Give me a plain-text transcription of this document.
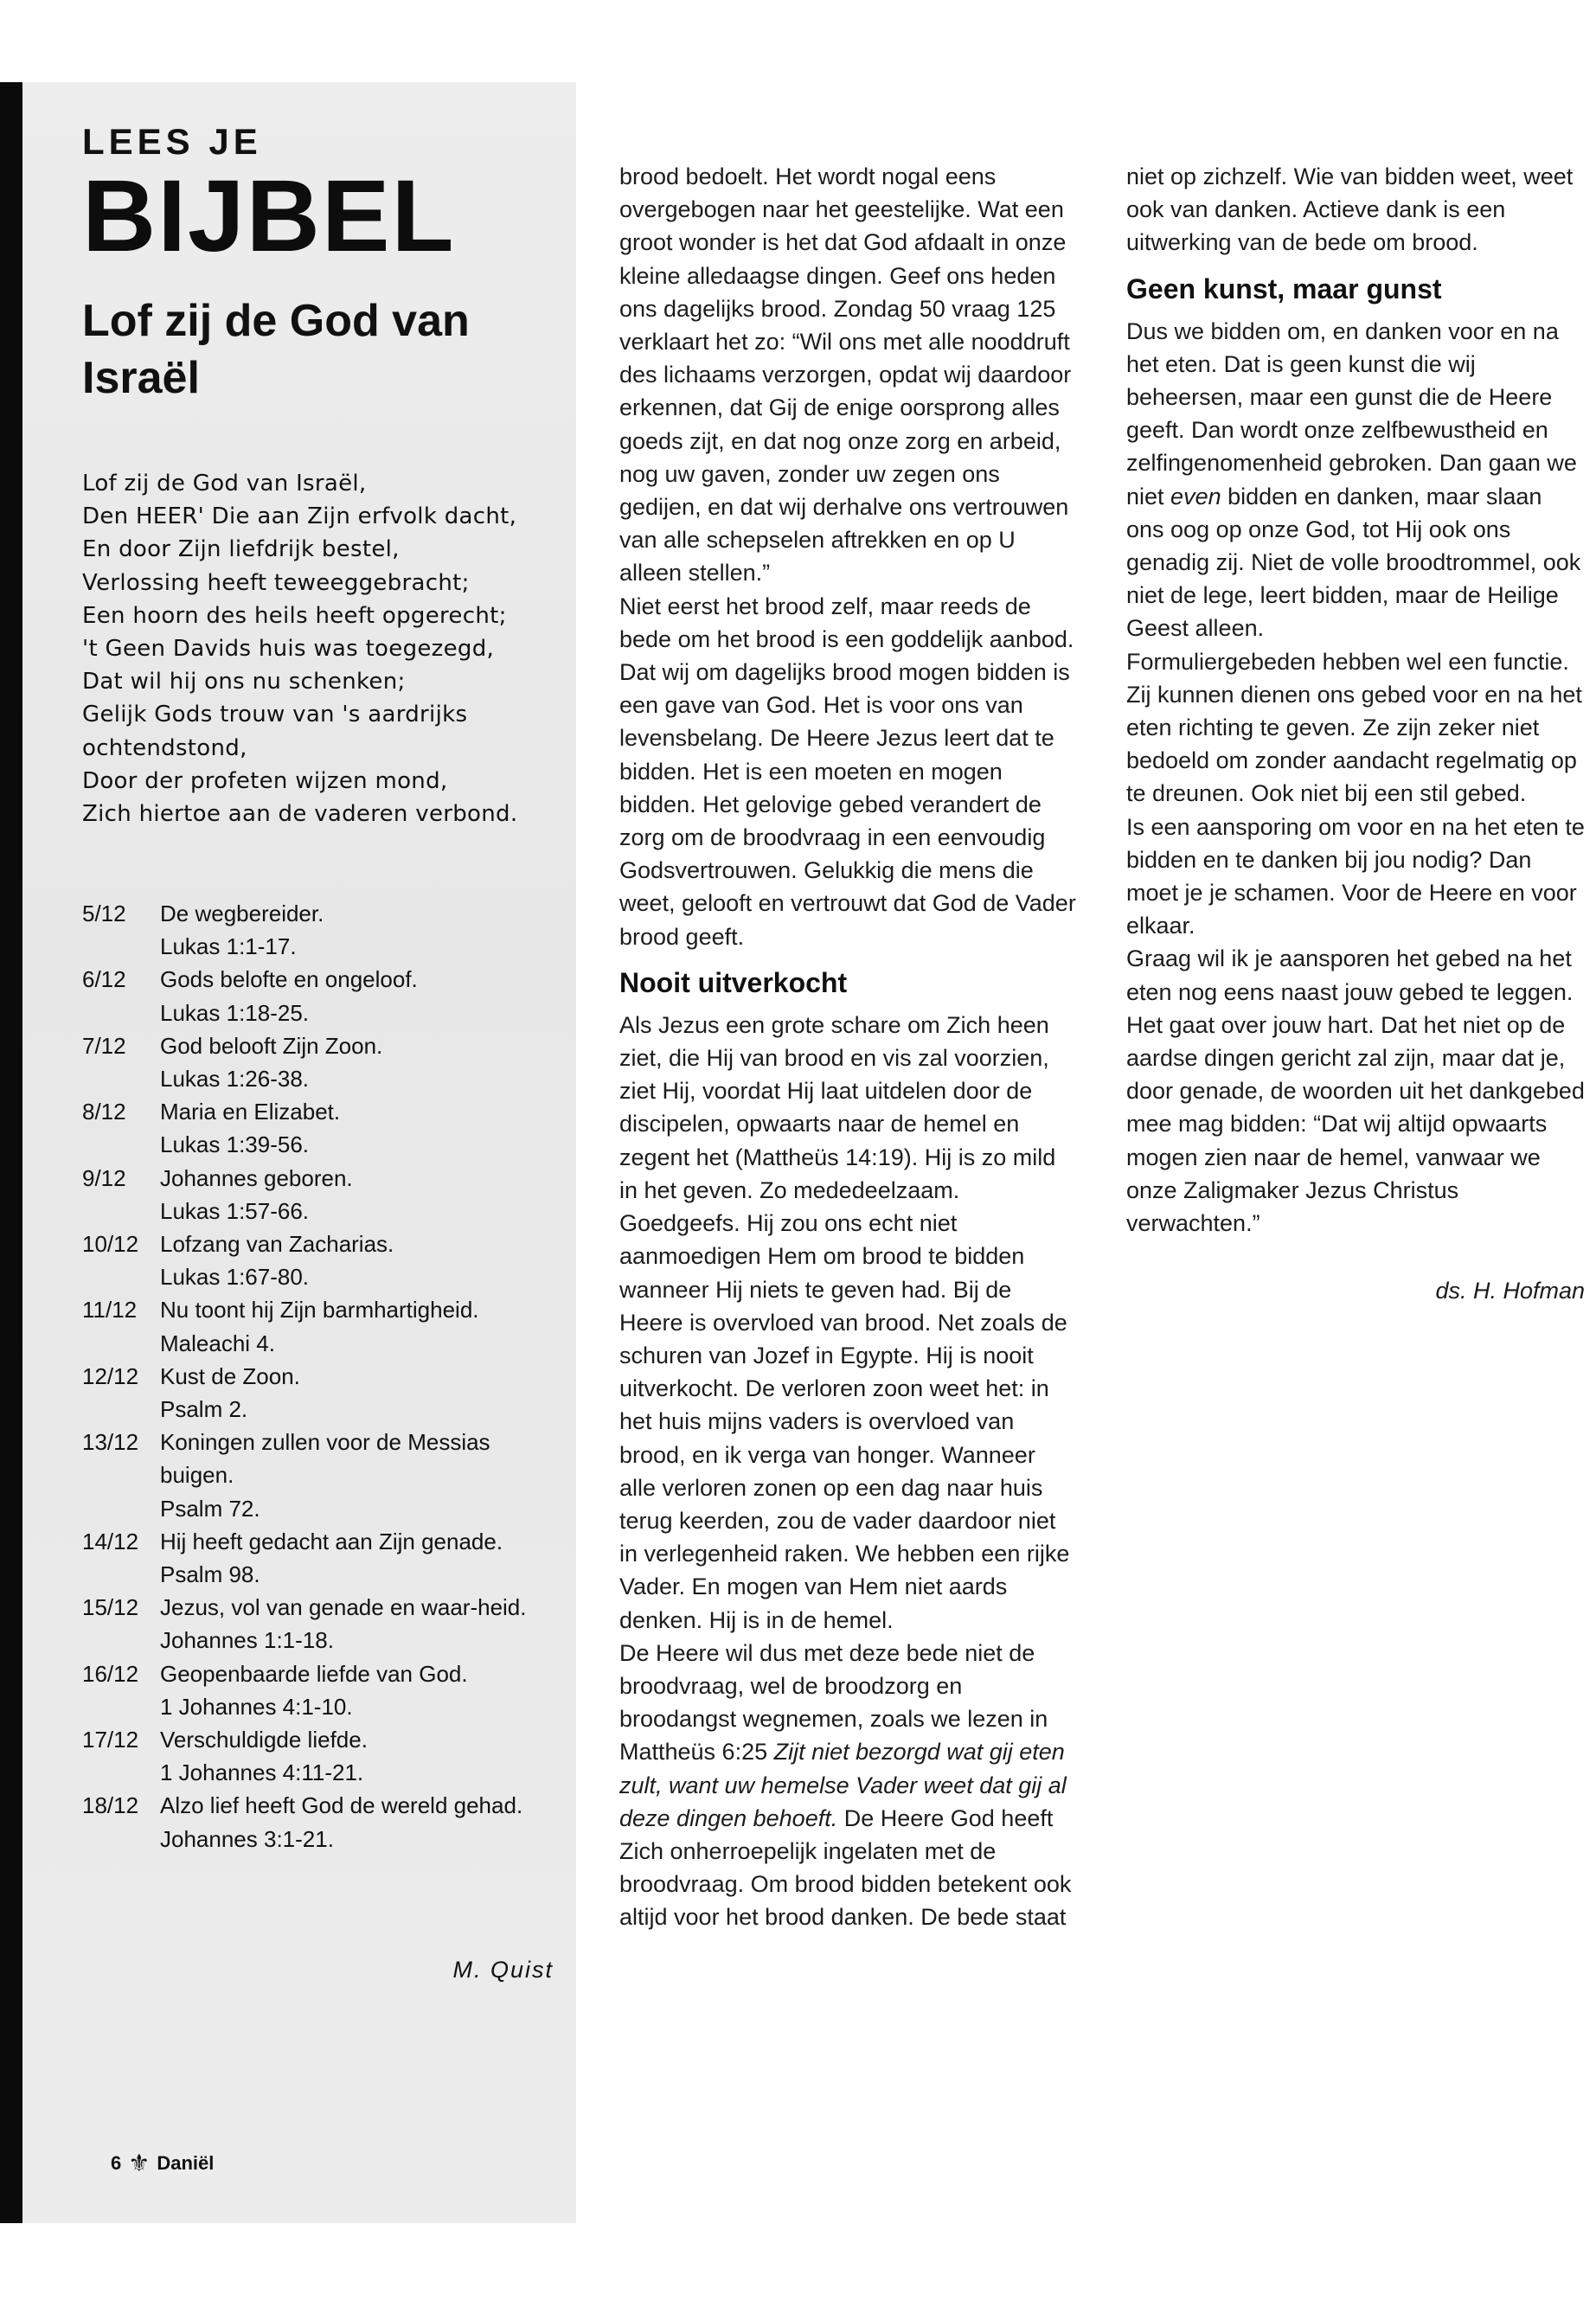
LEES JE
BIJBEL
Lof zij de God van Israël
Lof zij de God van Israël,
Den HEER' Die aan Zijn erfvolk dacht,
En door Zijn liefdrijk bestel,
Verlossing heeft teweeggebracht;
Een hoorn des heils heeft opgerecht;
't Geen Davids huis was toegezegd,
Dat wil hij ons nu schenken;
Gelijk Gods trouw van 's aardrijks
ochtendstond,
Door der profeten wijzen mond,
Zich hiertoe aan de vaderen verbond.
5/12	De wegbereider.
Lukas 1:1-17.
6/12	Gods belofte en ongeloof.
Lukas 1:18-25.
7/12	God belooft Zijn Zoon.
Lukas 1:26-38.
8/12	Maria en Elizabet.
Lukas 1:39-56.
9/12	Johannes geboren.
Lukas 1:57-66.
10/12 Lofzang van Zacharias.
Lukas 1:67-80.
11/12	Nu toont hij Zijn barmhartigheid.
Maleachi 4.
12/12 Kust de Zoon.
Psalm 2.
13/12 Koningen zullen voor de Messias buigen.
Psalm 72.
14/12 Hij heeft gedacht aan Zijn genade.
Psalm 98.
15/12 Jezus, vol van genade en waar-heid.
Johannes 1:1-18.
16/12 Geopenbaarde liefde van God.
1 Johannes 4:1-10.
17/12 Verschuldigde liefde.
1 Johannes 4:11-21.
18/12 Alzo lief heeft God de wereld gehad.
Johannes 3:1-21.
M. Quist
6 ⚜ Daniël

brood bedoelt. Het wordt nogal eens overgebogen naar het geestelijke. Wat een groot wonder is het dat God afdaalt in onze kleine alledaagse dingen. Geef ons heden ons dagelijks brood. Zondag 50 vraag 125 verklaart het zo: “Wil ons met alle nooddruft des lichaams verzorgen, opdat wij daardoor erkennen, dat Gij de enige oorsprong alles goeds zijt, en dat nog onze zorg en arbeid, nog uw gaven, zonder uw zegen ons gedijen, en dat wij derhalve ons vertrouwen van alle schepselen aftrekken en op U alleen stellen.”

Niet eerst het brood zelf, maar reeds de bede om het brood is een goddelijk aanbod. Dat wij om dagelijks brood mogen bidden is een gave van God. Het is voor ons van levensbelang. De Heere Jezus leert dat te bidden. Het is een moeten en mogen bidden. Het gelovige gebed verandert de zorg om de broodvraag in een eenvoudig Godsvertrouwen. Gelukkig die mens die weet, gelooft en vertrouwt dat God de Vader brood geeft.

Nooit uitverkocht

Als Jezus een grote schare om Zich heen ziet, die Hij van brood en vis zal voorzien, ziet Hij, voordat Hij laat uitdelen door de discipelen, opwaarts naar de hemel en zegent het (Mattheüs 14:19). Hij is zo mild in het geven. Zo mededeelzaam. Goedgeefs. Hij zou ons echt niet aanmoedigen Hem om brood te bidden wanneer Hij niets te geven had. Bij de Heere is overvloed van brood. Net zoals de schuren van Jozef in Egypte. Hij is nooit uitverkocht. De verloren zoon weet het: in het huis mijns vaders is overvloed van brood, en ik verga van honger. Wanneer alle verloren zonen op een dag naar huis terug keerden, zou de vader daardoor niet in verlegenheid raken. We hebben een rijke Vader. En mogen van Hem niet aards denken. Hij is in de hemel.

De Heere wil dus met deze bede niet de broodvraag, wel de broodzorg en broodangst wegnemen, zoals we lezen in Mattheüs 6:25 Zijt niet bezorgd wat gij eten zult, want uw hemelse Vader weet dat gij al deze dingen behoeft. De Heere God heeft Zich onherroepelijk ingelaten met de broodvraag. Om brood bidden betekent ook altijd voor het brood danken. De bede staat

niet op zichzelf. Wie van bidden weet, weet ook van danken. Actieve dank is een uitwerking van de bede om brood.

Geen kunst, maar gunst

Dus we bidden om, en danken voor en na het eten. Dat is geen kunst die wij beheersen, maar een gunst die de Heere geeft. Dan wordt onze zelfbewustheid en zelfingenomenheid gebroken. Dan gaan we niet even bidden en danken, maar slaan ons oog op onze God, tot Hij ook ons genadig zij. Niet de volle broodtrommel, ook niet de lege, leert bidden, maar de Heilige Geest alleen.

Formuliergebeden hebben wel een functie. Zij kunnen dienen ons gebed voor en na het eten richting te geven. Ze zijn zeker niet bedoeld om zonder aandacht regelmatig op te dreunen. Ook niet bij een stil gebed.

Is een aansporing om voor en na het eten te bidden en te danken bij jou nodig? Dan moet je je schamen. Voor de Heere en voor elkaar.

Graag wil ik je aansporen het gebed na het eten nog eens naast jouw gebed te leggen. Het gaat over jouw hart. Dat het niet op de aardse dingen gericht zal zijn, maar dat je, door genade, de woorden uit het dankgebed mee mag bidden: “Dat wij altijd opwaarts mogen zien naar de hemel, vanwaar we onze Zaligmaker Jezus Christus verwachten.”

ds. H. Hofman
